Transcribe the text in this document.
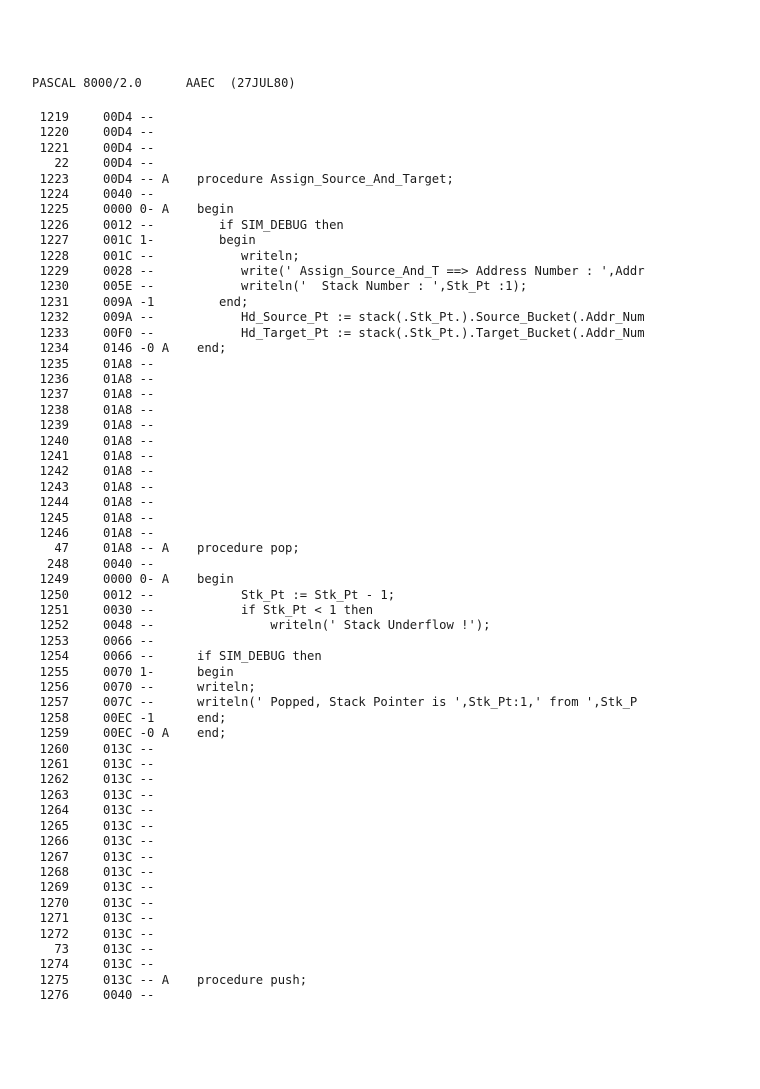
PASCAL 8000/2.0	AAEC (27JUL80)
1219	00D4 --
1220	00D4 --
1221	00D4 --
22	00D4 --
1223	00D4 -- A procedure Assign_Source_And_Target;
1224	0040 --
1225	0000 0- A begin
1226	0012 --	if SIM_DEBUG then
1227	001C 1-	begin
1228	001C --	writeln;
1229	0028 --	write(' Assign_Source_And_T ==> Address Number : ',Addr
1230	005E --	writeln('  Stack Number : ',Stk_Pt :1);
1231	009A -1	end;
1232	009A --	Hd_Source_Pt := stack(.Stk_Pt.).Source_Bucket(.Addr_Num
1233	00F0 --	Hd_Target_Pt := stack(.Stk_Pt.).Target_Bucket(.Addr_Num
1234	0146 -0 A end;
1235	01A8 --
1236	01A8 --
1237	01A8 --
1238	01A8 --
1239	01A8 --
1240	01A8 --
1241	01A8 --
1242	01A8 --
1243	01A8 --
1244	01A8 --
1245	01A8 --
1246	01A8 --
47	01A8 -- A procedure pop;
248	0040 --
1249	0000 0- A begin
1250	0012 --	Stk_Pt := Stk_Pt - 1;
1251	0030 --	if Stk_Pt < 1 then
1252	0048 --	writeln(' Stack Underflow !');
1253	0066 --
1254	0066 --	if SIM_DEBUG then
1255	0070 1-	begin
1256	0070 --	writeln;
1257	007C --	writeln(' Popped, Stack Pointer is ',Stk_Pt:1,' from ',Stk_P
1258	00EC -1	end;
1259	00EC -0 A end;
1260	013C --
1261	013C --
1262	013C --
1263	013C --
1264	013C --
1265	013C --
1266	013C --
1267	013C --
1268	013C --
1269	013C --
1270	013C --
1271	013C --
1272	013C --
73	013C --
1274	013C --
1275	013C -- A procedure push;
1276	0040 --
